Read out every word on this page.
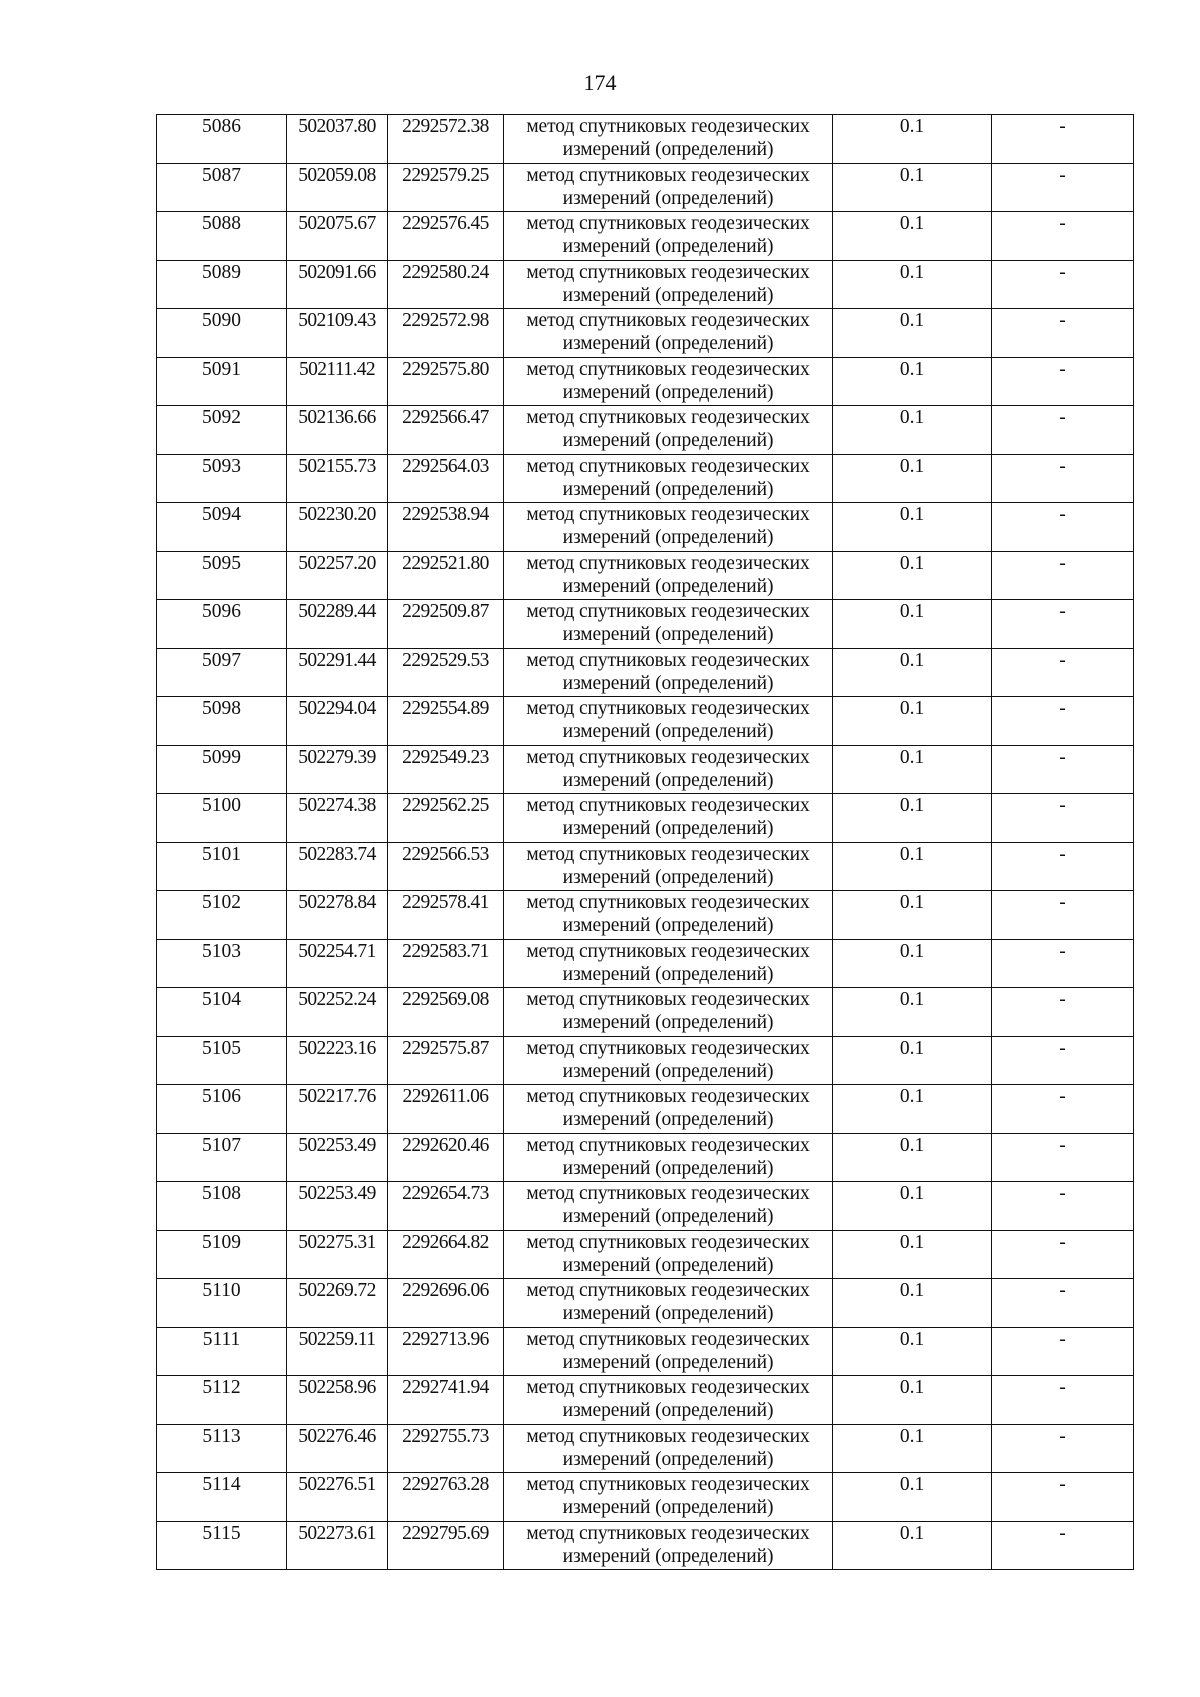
174
5086	502037.80	2292572.38	метод спутниковых геодезических
измерений (определений)	0.1	-
5087	502059.08	2292579.25	метод спутниковых геодезических
измерений (определений)	0.1	-
5088	502075.67	2292576.45	метод спутниковых геодезических
измерений (определений)	0.1	-
5089	502091.66	2292580.24	метод спутниковых геодезических
измерений (определений)	0.1	-
5090	502109.43	2292572.98	метод спутниковых геодезических
измерений (определений)	0.1	-
5091	502111.42	2292575.80	метод спутниковых геодезических
измерений (определений)	0.1	-
5092	502136.66	2292566.47	метод спутниковых геодезических
измерений (определений)	0.1	-
5093	502155.73	2292564.03	метод спутниковых геодезических
измерений (определений)	0.1	-
5094	502230.20	2292538.94	метод спутниковых геодезических
измерений (определений)	0.1	-
5095	502257.20	2292521.80	метод спутниковых геодезических
измерений (определений)	0.1	-
5096	502289.44	2292509.87	метод спутниковых геодезических
измерений (определений)	0.1	-
5097	502291.44	2292529.53	метод спутниковых геодезических
измерений (определений)	0.1	-
5098	502294.04	2292554.89	метод спутниковых геодезических
измерений (определений)	0.1	-
5099	502279.39	2292549.23	метод спутниковых геодезических
измерений (определений)	0.1	-
5100	502274.38	2292562.25	метод спутниковых геодезических
измерений (определений)	0.1	-
5101	502283.74	2292566.53	метод спутниковых геодезических
измерений (определений)	0.1	-
5102	502278.84	2292578.41	метод спутниковых геодезических
измерений (определений)	0.1	-
5103	502254.71	2292583.71	метод спутниковых геодезических
измерений (определений)	0.1	-
5104	502252.24	2292569.08	метод спутниковых геодезических
измерений (определений)	0.1	-
5105	502223.16	2292575.87	метод спутниковых геодезических
измерений (определений)	0.1	-
5106	502217.76	2292611.06	метод спутниковых геодезических
измерений (определений)	0.1	-
5107	502253.49	2292620.46	метод спутниковых геодезических
измерений (определений)	0.1	-
5108	502253.49	2292654.73	метод спутниковых геодезических
измерений (определений)	0.1	-
5109	502275.31	2292664.82	метод спутниковых геодезических
измерений (определений)	0.1	-
5110	502269.72	2292696.06	метод спутниковых геодезических
измерений (определений)	0.1	-
5111	502259.11	2292713.96	метод спутниковых геодезических
измерений (определений)	0.1	-
5112	502258.96	2292741.94	метод спутниковых геодезических
измерений (определений)	0.1	-
5113	502276.46	2292755.73	метод спутниковых геодезических
измерений (определений)	0.1	-
5114	502276.51	2292763.28	метод спутниковых геодезических
измерений (определений)	0.1	-
5115	502273.61	2292795.69	метод спутниковых геодезических
измерений (определений)	0.1	-
